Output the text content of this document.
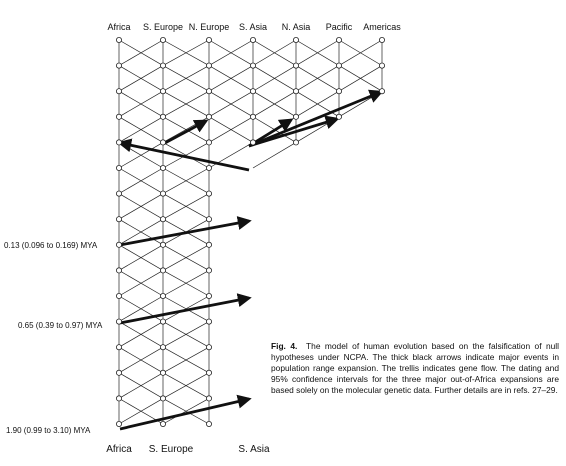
Africa S. Europe N. Europe S. Asia N. Asia Pacific Americas
Africa S. Europe	S. Asia
0.13 (0.096 to 0.169) MYA
0.65 (0.39 to 0.97) MYA
1.90 (0.99 to 3.10) MYA
Fig. 4. The model of human evolution based on the falsification of null hypotheses under NCPA. The thick black arrows indicate major events in population range expansion. The trellis indicates gene flow. The dating and 95% confidence intervals for the three major out-of-Africa expansions are based solely on the molecular genetic data. Further details are in refs. 27–29.
